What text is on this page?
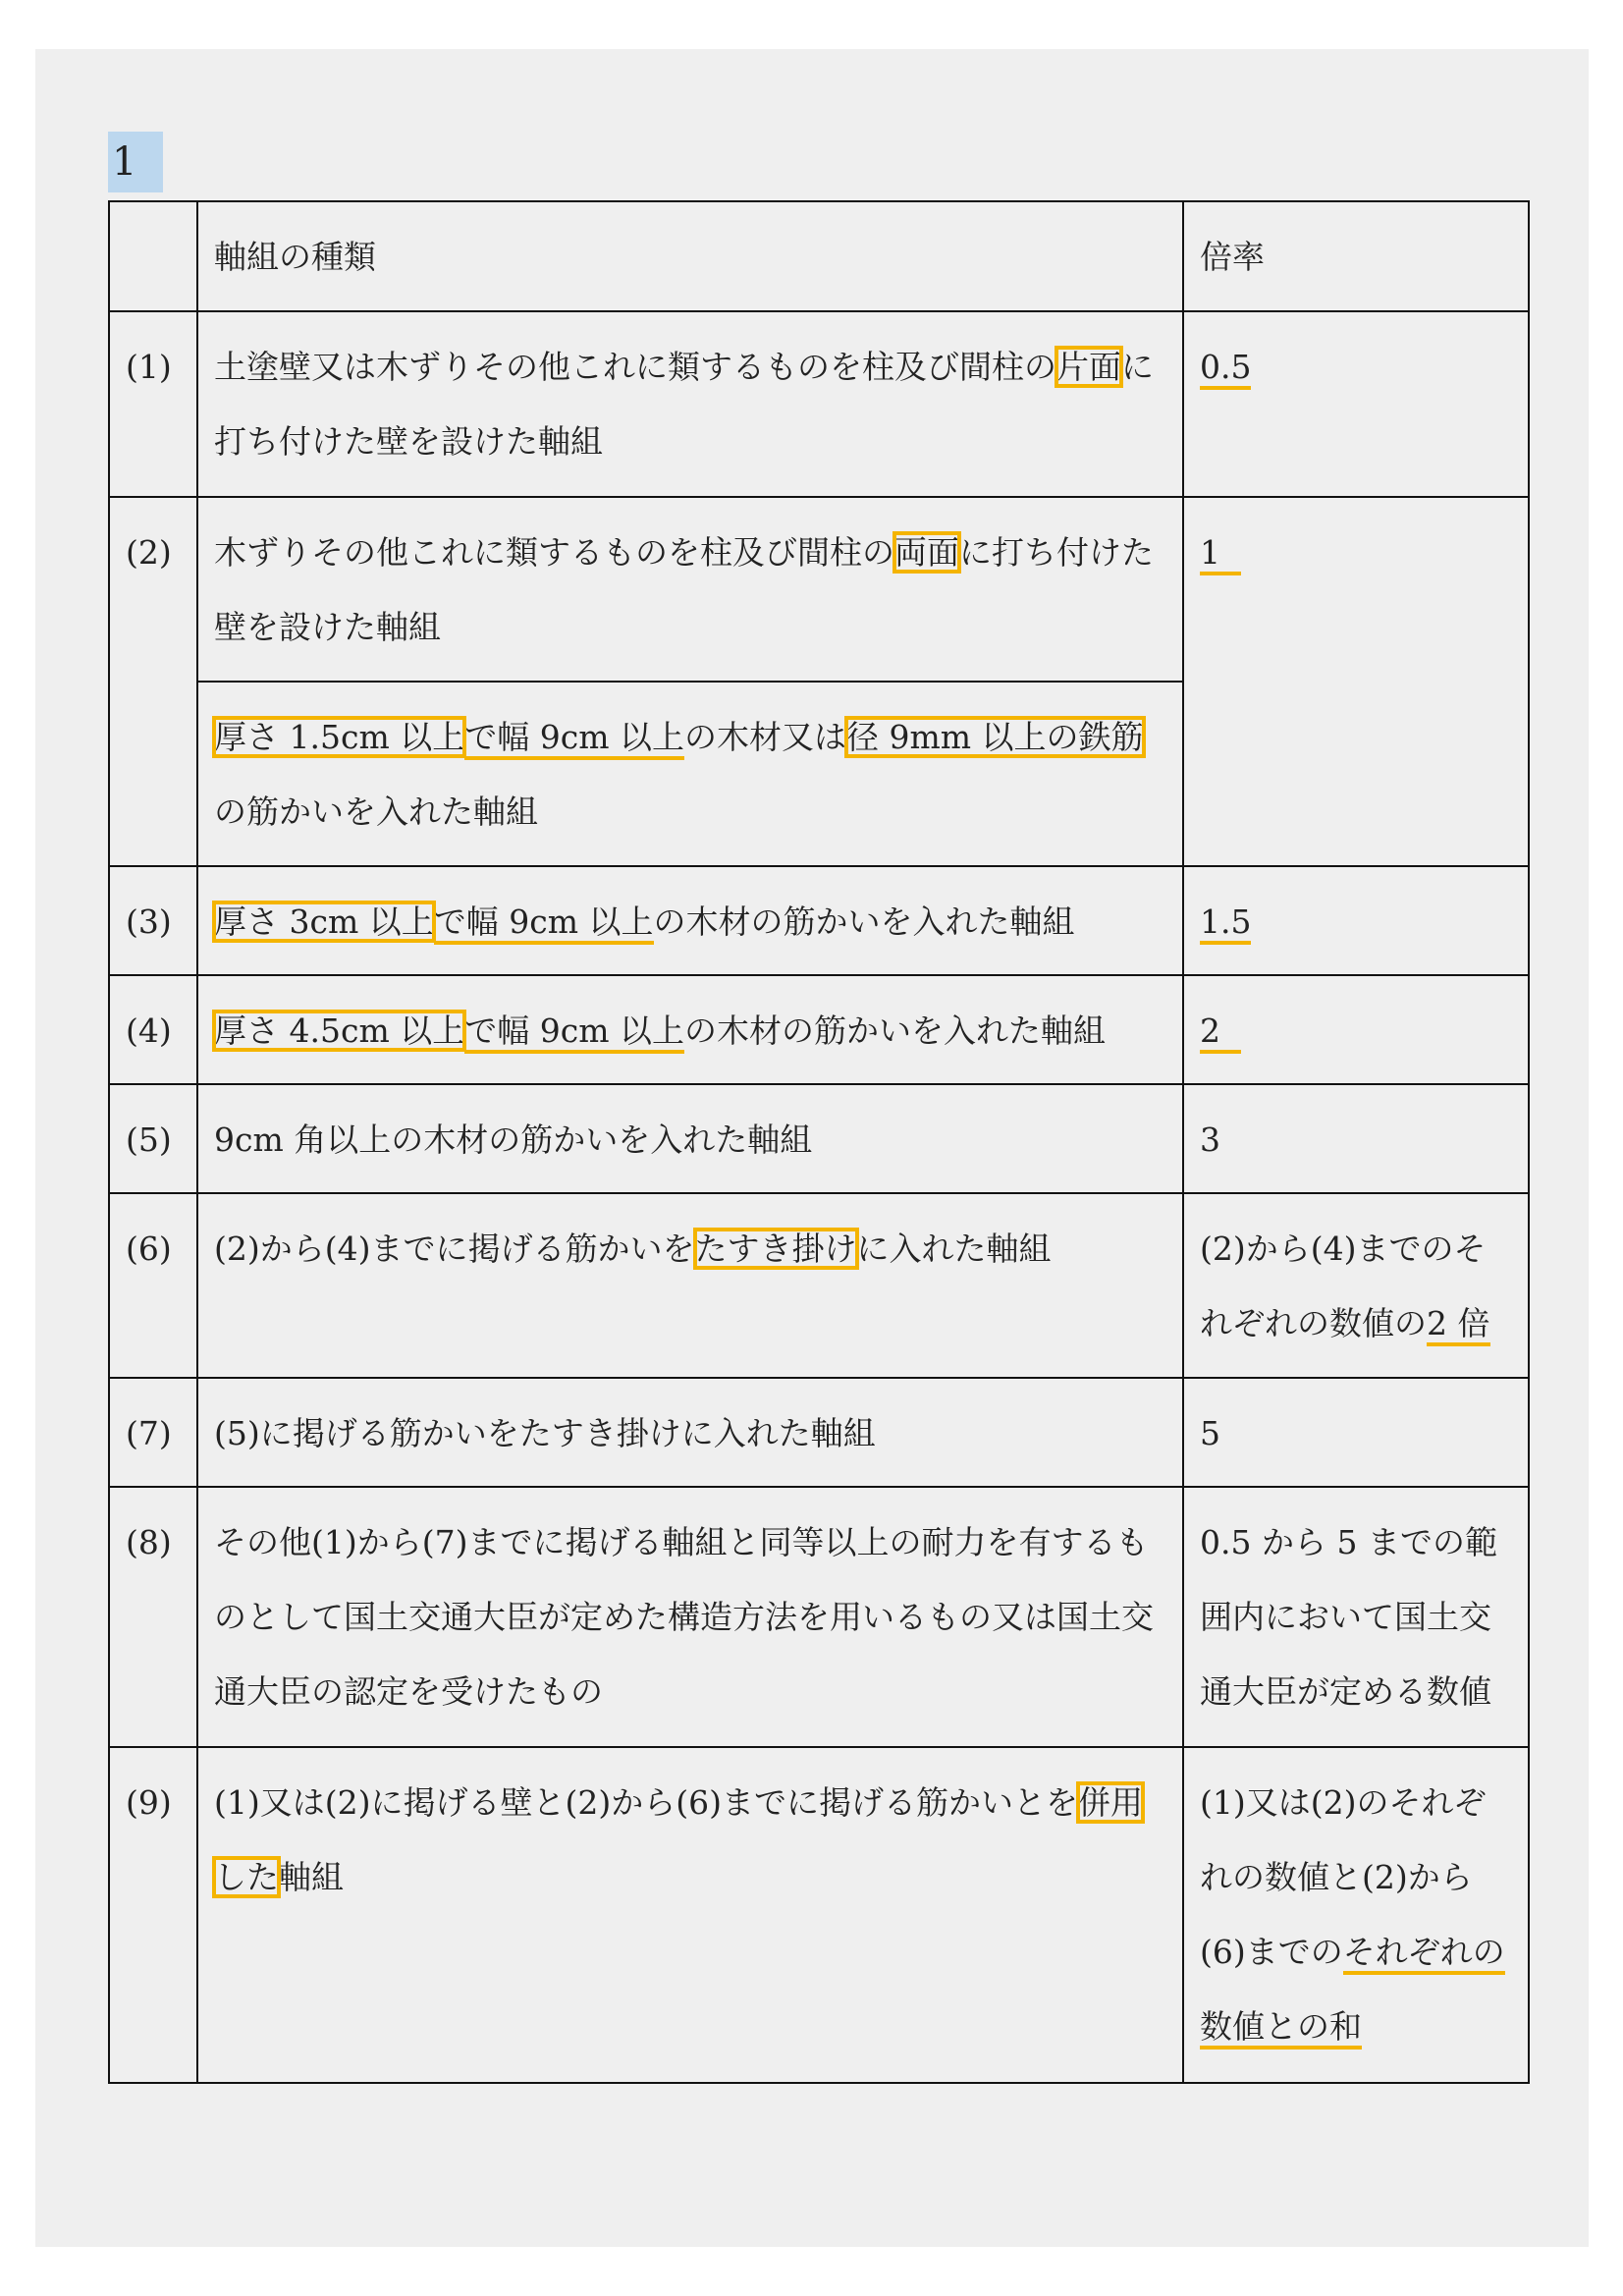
1
	軸組の種類	倍率
(1)	土塗壁又は木ずりその他これに類するものを柱及び間柱の片面に打ち付けた壁を設けた軸組	0.5
(2)	木ずりその他これに類するものを柱及び間柱の両面に打ち付けた壁を設けた軸組	1
	厚さ 1.5cm 以上で幅 9cm 以上の木材又は径 9mm 以上の鉄筋の筋かいを入れた軸組	
(3)	厚さ 3cm 以上で幅 9cm 以上の木材の筋かいを入れた軸組	1.5
(4)	厚さ 4.5cm 以上で幅 9cm 以上の木材の筋かいを入れた軸組	2
(5)	9cm 角以上の木材の筋かいを入れた軸組	3
(6)	(2)から(4)までに掲げる筋かいをたすき掛けに入れた軸組	(2)から(4)までのそれぞれの数値の2 倍
(7)	(5)に掲げる筋かいをたすき掛けに入れた軸組	5
(8)	その他(1)から(7)までに掲げる軸組と同等以上の耐力を有するものとして国土交通大臣が定めた構造方法を用いるもの又は国土交通大臣の認定を受けたもの	0.5 から 5 までの範囲内において国土交通大臣が定める数値
(9)	(1)又は(2)に掲げる壁と(2)から(6)までに掲げる筋かいとを併用した軸組	(1)又は(2)のそれぞれの数値と(2)から(6)までのそれぞれの数値との和
